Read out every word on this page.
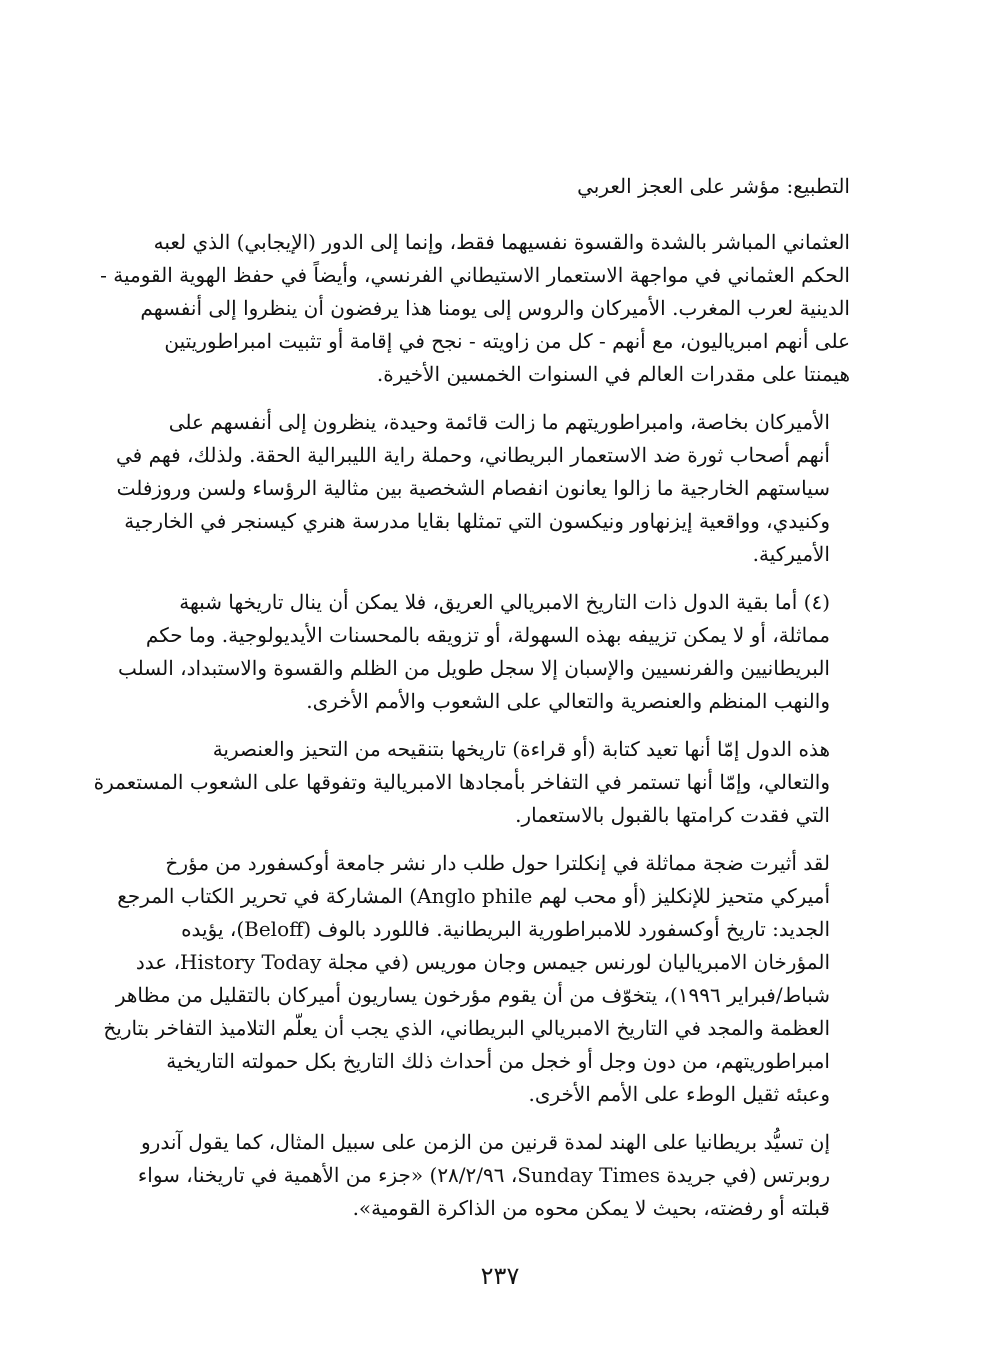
التطبيع: مؤشر على العجز العربي
العثماني المباشر بالشدة والقسوة نفسيهما فقط، وإنما إلى الدور (الإيجابي) الذي لعبه
الحكم العثماني في مواجهة الاستعمار الاستيطاني الفرنسي، وأيضاً في حفظ الهوية القومية -
الدينية لعرب المغرب. الأميركان والروس إلى يومنا هذا يرفضون أن ينظروا إلى أنفسهم
على أنهم امبرياليون، مع أنهم - كل من زاويته - نجح في إقامة أو تثبيت امبراطوريتين
هيمنتا على مقدرات العالم في السنوات الخمسين الأخيرة.
الأميركان بخاصة، وامبراطوريتهم ما زالت قائمة وحيدة، ينظرون إلى أنفسهم على
أنهم أصحاب ثورة ضد الاستعمار البريطاني، وحملة راية الليبرالية الحقة. ولذلك، فهم في
سياستهم الخارجية ما زالوا يعانون انفصام الشخصية بين مثالية الرؤساء ولسن وروزفلت
وكنيدي، وواقعية إيزنهاور ونيكسون التي تمثلها بقايا مدرسة هنري كيسنجر في الخارجية
الأميركية.
(٤) أما بقية الدول ذات التاريخ الامبريالي العريق، فلا يمكن أن ينال تاريخها شبهة
مماثلة، أو لا يمكن تزييفه بهذه السهولة، أو تزويقه بالمحسنات الأيديولوجية. وما حكم
البريطانيين والفرنسيين والإسبان إلا سجل طويل من الظلم والقسوة والاستبداد، السلب
والنهب المنظم والعنصرية والتعالي على الشعوب والأمم الأخرى.
هذه الدول إمّا أنها تعيد كتابة (أو قراءة) تاريخها بتنقيحه من التحيز والعنصرية
والتعالي، وإمّا أنها تستمر في التفاخر بأمجادها الامبريالية وتفوقها على الشعوب المستعمرة
التي فقدت كرامتها بالقبول بالاستعمار.
لقد أثيرت ضجة مماثلة في إنكلترا حول طلب دار نشر جامعة أوكسفورد من مؤرخ
أميركي متحيز للإنكليز (أو محب لهم Anglo phile) المشاركة في تحرير الكتاب المرجع
الجديد: تاريخ أوكسفورد للامبراطورية البريطانية. فاللورد بالوف (Beloff)، يؤيده
المؤرخان الامبرياليان لورنس جيمس وجان موريس (في مجلة History Today، عدد
شباط/فبراير ١٩٩٦)، يتخوّف من أن يقوم مؤرخون يساريون أميركان بالتقليل من مظاهر
العظمة والمجد في التاريخ الامبريالي البريطاني، الذي يجب أن يعلّم التلاميذ التفاخر بتاريخ
امبراطوريتهم، من دون وجل أو خجل من أحداث ذلك التاريخ بكل حمولته التاريخية
وعبئه ثقيل الوطء على الأمم الأخرى.
إن تسيُّد بريطانيا على الهند لمدة قرنين من الزمن على سبيل المثال، كما يقول آندرو
روبرتس (في جريدة Sunday Times، ٢٨/٢/٩٦) «جزء من الأهمية في تاريخنا، سواء
قبلته أو رفضته، بحيث لا يمكن محوه من الذاكرة القومية».
٢٣٧
